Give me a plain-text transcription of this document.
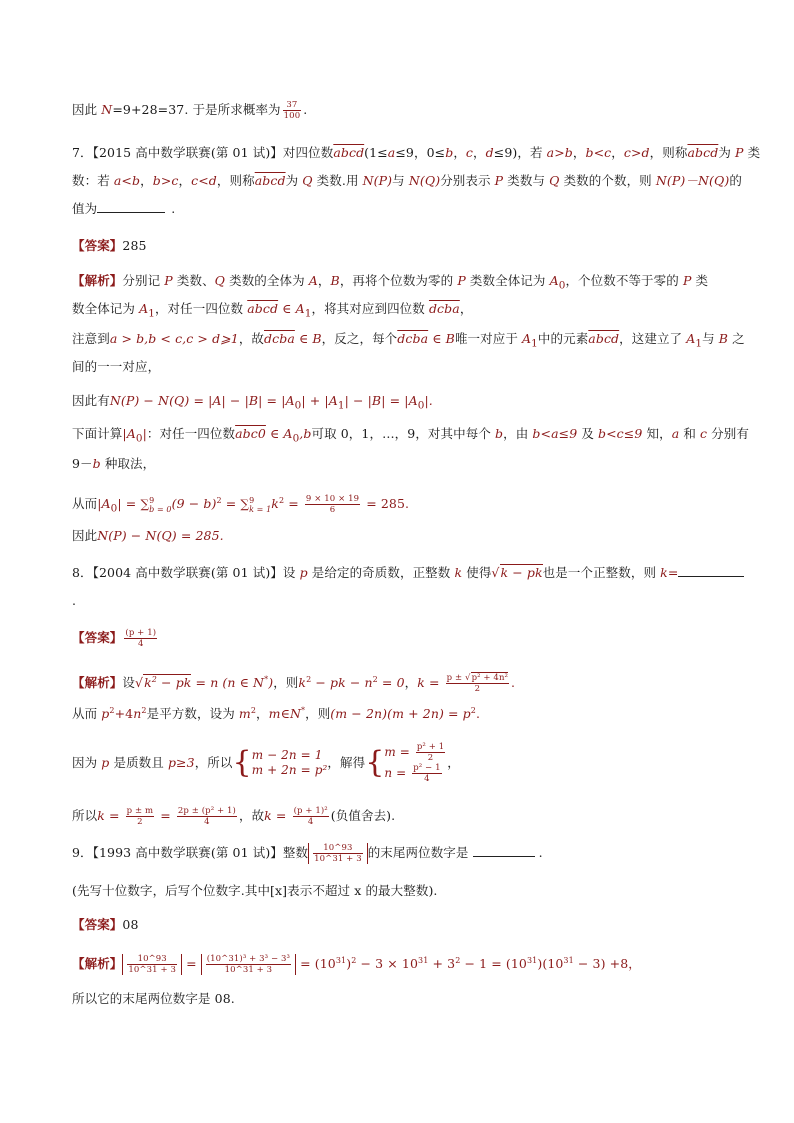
因此 N=9+28=37. 于是所求概率为 $\frac{37}{100}$ .
7．【2015 高中数学联赛(第 01 试)】对四位数abcd(1≤a≤9，0≤b，c，d≤9)，若 a>b，b<c，c>d，则称abcd为 P 类
数：若 a<b，b>c，c<d，则称abcd为 Q 类数.用 N(P)与 N(Q)分别表示 P 类数与 Q 类数的个数，则 N(P)－N(Q)的
值为	.
【答案】285
【解析】分别记 P 类数、Q 类数的全体为 A，B，再将个位数为零的 P 类数全体记为 $A_0$，个位数不等于零的 P 类
数全体记为 $A_1$，对任一四位数 abcd ∈ $A_1$，将其对应到四位数 dcba，
注意到a > b,b < c,c > d⩾1，故dcba ∈ B，反之，每个dcba ∈ B唯一对应于 $A_1$中的元素abcd，这建立了 $A_1$与 B 之
间的一一对应，
因此有$N(P) - N(Q) = |A| - |B| = |A_0| + |A_1| - |B| = |A_0|$.
下面计算$|A_0|$：对任一四位数abc0 ∈ $A_0,b$可取 0，1，…，9，对其中每个 b，由 b<a≤9 及 b<c≤9 知，a 和 c 分别有
9－b 种取法，
从而$|A_0|$ = ∑ 9
b = 0 $(9 - b)^2$ = ∑ 9
k = 1 $k^2 = \frac{9 \times 10 \times 19}{6} = 285$.
因此N(P) − N(Q) = 285.
8．【2004 高中数学联赛(第 01 试)】设 p 是给定的奇质数，正整数 k 使得√k − pk也是一个正整数，则 k=
.
【答案】 $\frac{(p + 1)}{4}$
【解析】设$√k^2$ − pk = n (n ∈ N*)，则$k^2$ − pk − $n^2 = 0$，$k = \frac{\text{p ± √p² + 4n²}}{2}$ .
从而 $p^2+4n^2$是平方数，设为 $m^2$，m∈N*，则$(m - 2n)(m + 2n) = p^2$.
因为 p 是质数且 p≥3，所以{ m − 2n = 1
m + 2n = p² ，解得{ $m = \frac{\text{p² + 1}}{2}$
$n = \frac{\text{p² − 1}}{4}$
，
所以$k = \frac{p \pm m}{2} = \frac{\text{2p ± (p² + 1)}}{4}$ ，故$k = \frac{\text{(p + 1)²}}{4}$ (负值舍去).
9．【1993 高中数学联赛(第 01 试)】整数 $\frac{10\^{}93}{10\^{}31 + 3}$ 的末尾两位数字是	.
(先写十位数字，后写个位数字.其中[x]表示不超过 x 的最大整数).
【答案】08
【解析】 $\frac{10\^{}93}{10\^{}31 + 3} = \frac{\text{(10\textasciicircum{}31)³ + 3³ − 3³}}{10\^{}31 + 3} = (10^{31})^2 - 3 \times 10^{31} + 3^2 - 1 = (10^{31})(10^{31} - 3) +8$，
所以它的末尾两位数字是 08.
